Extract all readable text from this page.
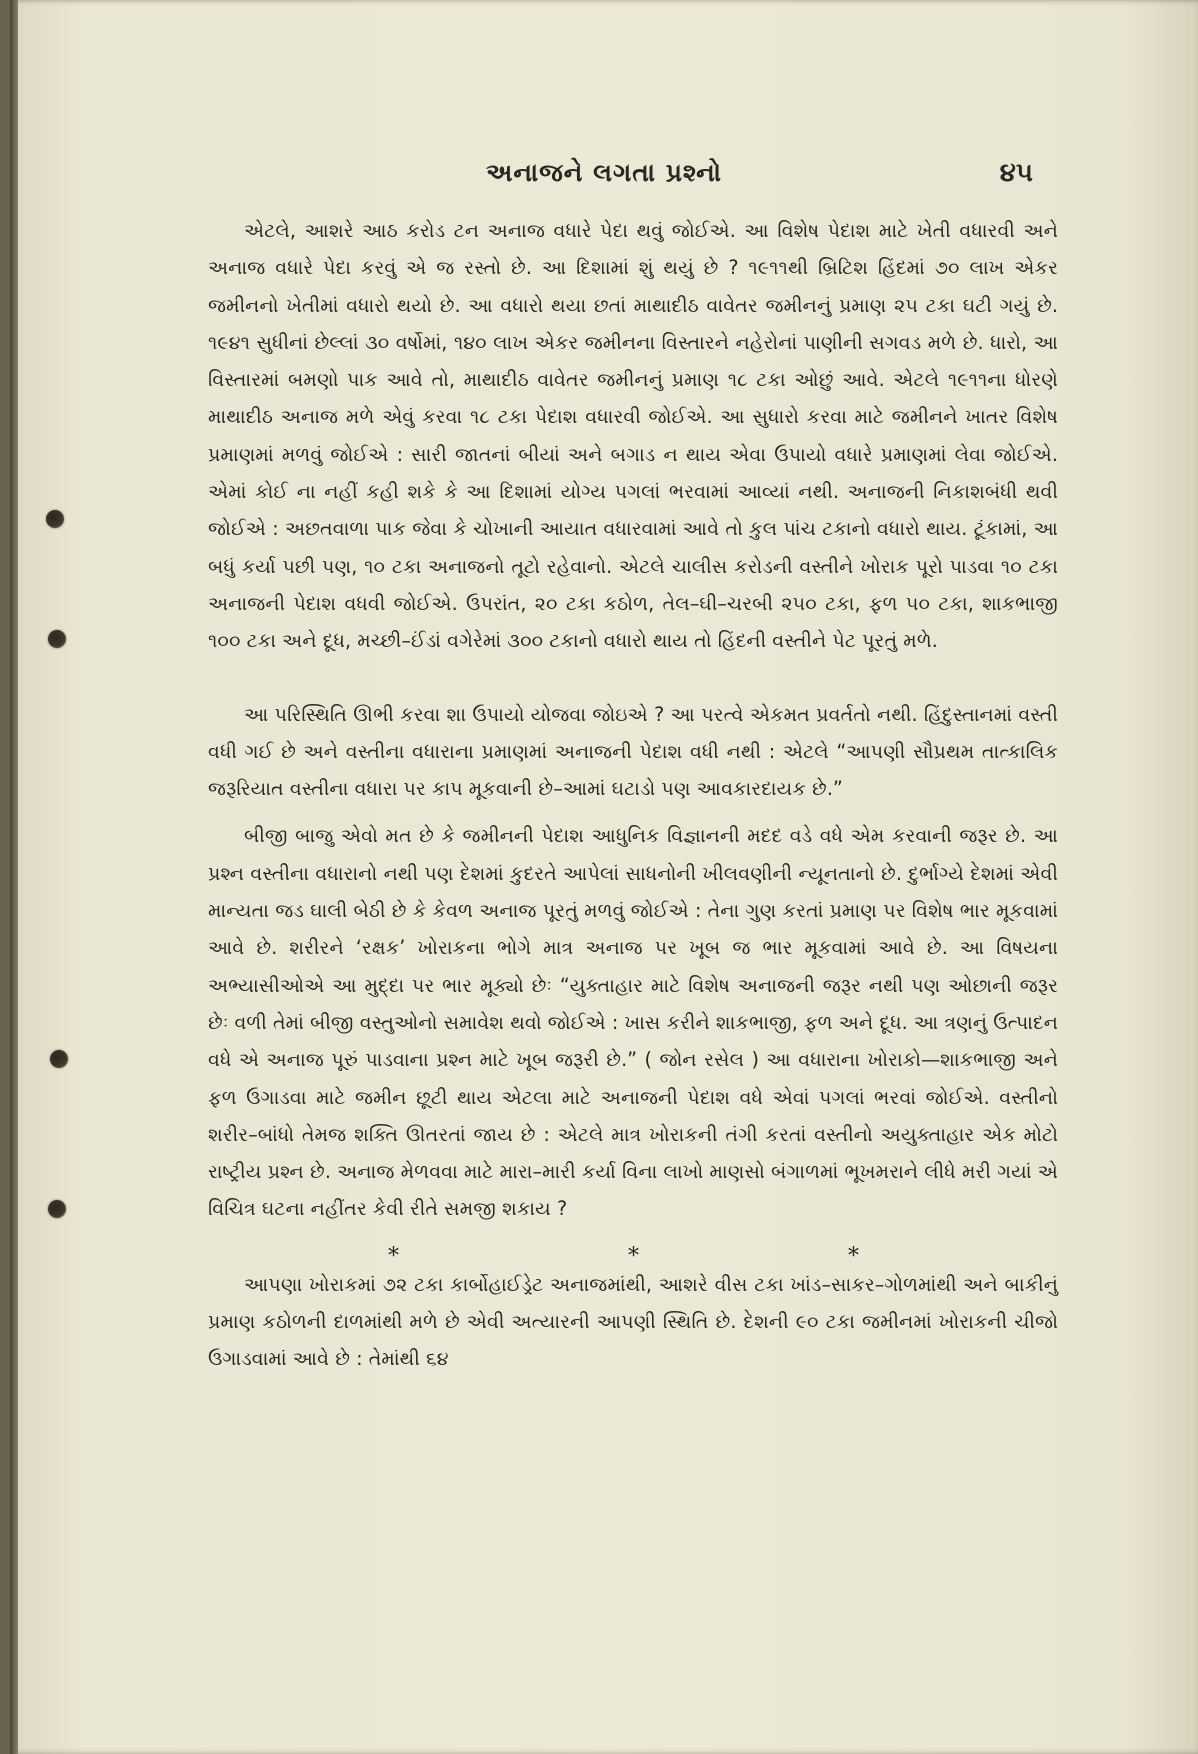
અનાજને લગતા પ્રશ્નો	૪૫

એટલે, આશરે આઠ કરોડ ટન અનાજ વધારે પેદા થવું જોઈએ. આ વિશેષ પેદાશ માટે ખેતી વધારવી અને અનાજ વધારે પેદા કરવું એ જ રસ્તો છે. આ દિશામાં શું થયું છે ? ૧૯૧૧થી બ્રિટિશ હિંદમાં ૭૦ લાખ એકર જમીનનો ખેતીમાં વધારો થયો છે. આ વધારો થયા છતાં માથાદીઠ વાવેતર જમીનનું પ્રમાણ ૨૫ ટકા ઘટી ગયું છે. ૧૯૪૧ સુધીનાં છેલ્લાં ૩૦ વર્ષોમાં, ૧૪૦ લાખ એકર જમીનના વિસ્તારને નહેરોનાં પાણીની સગવડ મળે છે. ધારો, આ વિસ્તારમાં બમણો પાક આવે તો, માથાદીઠ વાવેતર જમીનનું પ્રમાણ ૧૮ ટકા ઓછું આવે. એટલે ૧૯૧૧ના ધોરણે માથાદીઠ અનાજ મળે એવું કરવા ૧૮ ટકા પેદાશ વધારવી જોઈએ. આ સુધારો કરવા માટે જમીનને ખાતર વિશેષ પ્રમાણમાં મળવું જોઈએ : સારી જાતનાં બીયાં અને બગાડ ન થાય એવા ઉપાયો વધારે પ્રમાણમાં લેવા જોઈએ. એમાં કોઈ ના નહીં કહી શકે કે આ દિશામાં યોગ્ય પગલાં ભરવામાં આવ્યાં નથી. અનાજની નિકાશબંધી થવી જોઈએ : અછતવાળા પાક જેવા કે ચોખાની આયાત વધારવામાં આવે તો કુલ પાંચ ટકાનો વધારો થાય. ટૂંકામાં, આ બધું કર્યા પછી પણ, ૧૦ ટકા અનાજનો તૂટો રહેવાનો. એટલે ચાલીસ કરોડની વસ્તીને ખોરાક પૂરો પાડવા ૧૦ ટકા અનાજની પેદાશ વધવી જોઈએ. ઉપરાંત, ૨૦ ટકા કઠોળ, તેલ–ઘી–ચરબી ૨૫૦ ટકા, ફળ ૫૦ ટકા, શાકભાજી ૧૦૦ ટકા અને દૂધ, મચ્છી–ઈંડાં વગેરેમાં ૩૦૦ ટકાનો વધારો થાય તો હિંદની વસ્તીને પેટ પૂરતું મળે.

આ પરિસ્થિતિ ઊભી કરવા શા ઉપાયો યોજવા જોઇએ ? આ પરત્વે એકમત પ્રવર્તતો નથી. હિંદુસ્તાનમાં વસ્તી વધી ગઈ છે અને વસ્તીના વધારાના પ્રમાણમાં અનાજની પેદાશ વધી નથી : એટલે “આપણી સૌપ્રથમ તાત્કાલિક જરૂરિયાત વસ્તીના વધારા પર કાપ મૂકવાની છે–આમાં ઘટાડો પણ આવકારદાયક છે.”

બીજી બાજુ એવો મત છે કે જમીનની પેદાશ આધુનિક વિજ્ઞાનની મદદ વડે વધે એમ કરવાની જરૂર છે. આ પ્રશ્ન વસ્તીના વધારાનો નથી પણ દેશમાં કુદરતે આપેલાં સાધનોની ખીલવણીની ન્યૂનતાનો છે. દુર્ભાગ્યે દેશમાં એવી માન્યતા જડ ઘાલી બેઠી છે કે કેવળ અનાજ પૂરતું મળવું જોઈએ : તેના ગુણ કરતાં પ્રમાણ પર વિશેષ ભાર મૂકવામાં આવે છે. શરીરને ‘રક્ષક’ ખોરાકના ભોગે માત્ર અનાજ પર ખૂબ જ ભાર મૂકવામાં આવે છે. આ વિષયના અભ્યાસીઓએ આ મુદ્દા પર ભાર મૂક્યો છેઃ “યુક્તાહાર માટે વિશેષ અનાજની જરૂર નથી પણ ઓછાની જરૂર છેઃ વળી તેમાં બીજી વસ્તુઓનો સમાવેશ થવો જોઈએ : ખાસ કરીને શાકભાજી, ફળ અને દૂધ. આ ત્રણનું ઉત્પાદન વધે એ અનાજ પૂરું પાડવાના પ્રશ્ન માટે ખૂબ જરૂરી છે.” ( જોન રસેલ ) આ વધારાના ખોરાકો—શાકભાજી અને ફળ ઉગાડવા માટે જમીન છૂટી થાય એટલા માટે અનાજની પેદાશ વધે એવાં પગલાં ભરવાં જોઈએ. વસ્તીનો શરીર–બાંધો તેમજ શક્તિ ઊતરતાં જાય છે : એટલે માત્ર ખોરાકની તંગી કરતાં વસ્તીનો અયુક્તાહાર એક મોટો રાષ્ટ્રીય પ્રશ્ન છે. અનાજ મેળવવા માટે મારા–મારી કર્યા વિના લાખો માણસો બંગાળમાં ભૂખમરાને લીધે મરી ગયાં એ વિચિત્ર ઘટના નહીંતર કેવી રીતે સમજી શકાય ?

*	*	*

આપણા ખોરાકમાં ૭૨ ટકા કાર્બોહાઈડ્રેટ અનાજમાંથી, આશરે વીસ ટકા ખાંડ–સાકર–ગોળમાંથી અને બાકીનું પ્રમાણ કઠોળની દાળમાંથી મળે છે એવી અત્યારની આપણી સ્થિતિ છે. દેશની ૯૦ ટકા જમીનમાં ખોરાકની ચીજો ઉગાડવામાં આવે છે : તેમાંથી ૬૪
